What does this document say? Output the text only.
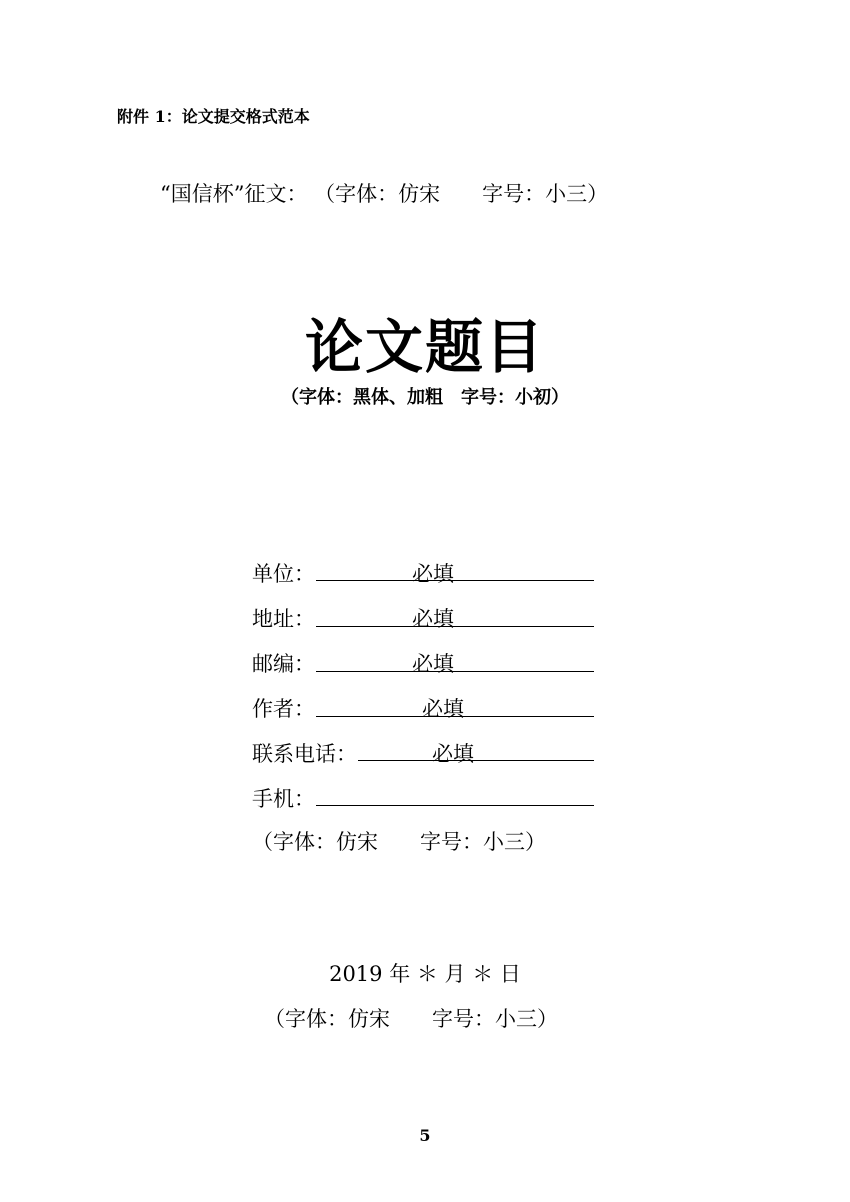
附件 1：论文提交格式范本
“国信杯”征文： （字体：仿宋 字号：小三）
论文题目
（字体：黑体、加粗 字号：小初）
单位：	必填
地址：	必填
邮编：	必填
作者：	必填
联系电话：	必填
手机：
（字体：仿宋 字号：小三）
2019 年 ＊ 月 ＊ 日
（字体：仿宋 字号：小三）
5
